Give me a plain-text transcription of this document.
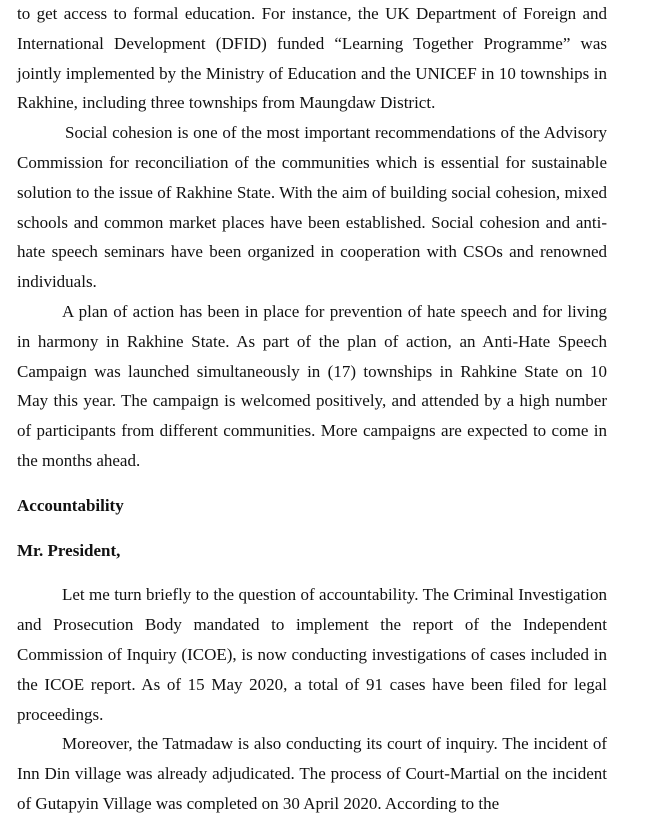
to get access to formal education. For instance, the UK Department of Foreign and International Development (DFID) funded “Learning Together Programme” was jointly implemented by the Ministry of Education and the UNICEF in 10 townships in Rakhine, including three townships from Maungdaw District.

Social cohesion is one of the most important recommendations of the Advisory Commission for reconciliation of the communities which is essential for sustainable solution to the issue of Rakhine State. With the aim of building social cohesion, mixed schools and common market places have been established. Social cohesion and anti-hate speech seminars have been organized in cooperation with CSOs and renowned individuals.

A plan of action has been in place for prevention of hate speech and for living in harmony in Rakhine State. As part of the plan of action, an Anti-Hate Speech Campaign was launched simultaneously in (17) townships in Rahkine State on 10 May this year. The campaign is welcomed positively, and attended by a high number of participants from different communities. More campaigns are expected to come in the months ahead.

Accountability

Mr. President,

Let me turn briefly to the question of accountability. The Criminal Investigation and Prosecution Body mandated to implement the report of the Independent Commission of Inquiry (ICOE), is now conducting investigations of cases included in the ICOE report. As of 15 May 2020, a total of 91 cases have been filed for legal proceedings.

Moreover, the Tatmadaw is also conducting its court of inquiry. The incident of Inn Din village was already adjudicated. The process of Court-Martial on the incident of Gutapyin Village was completed on 30 April 2020. According to the
